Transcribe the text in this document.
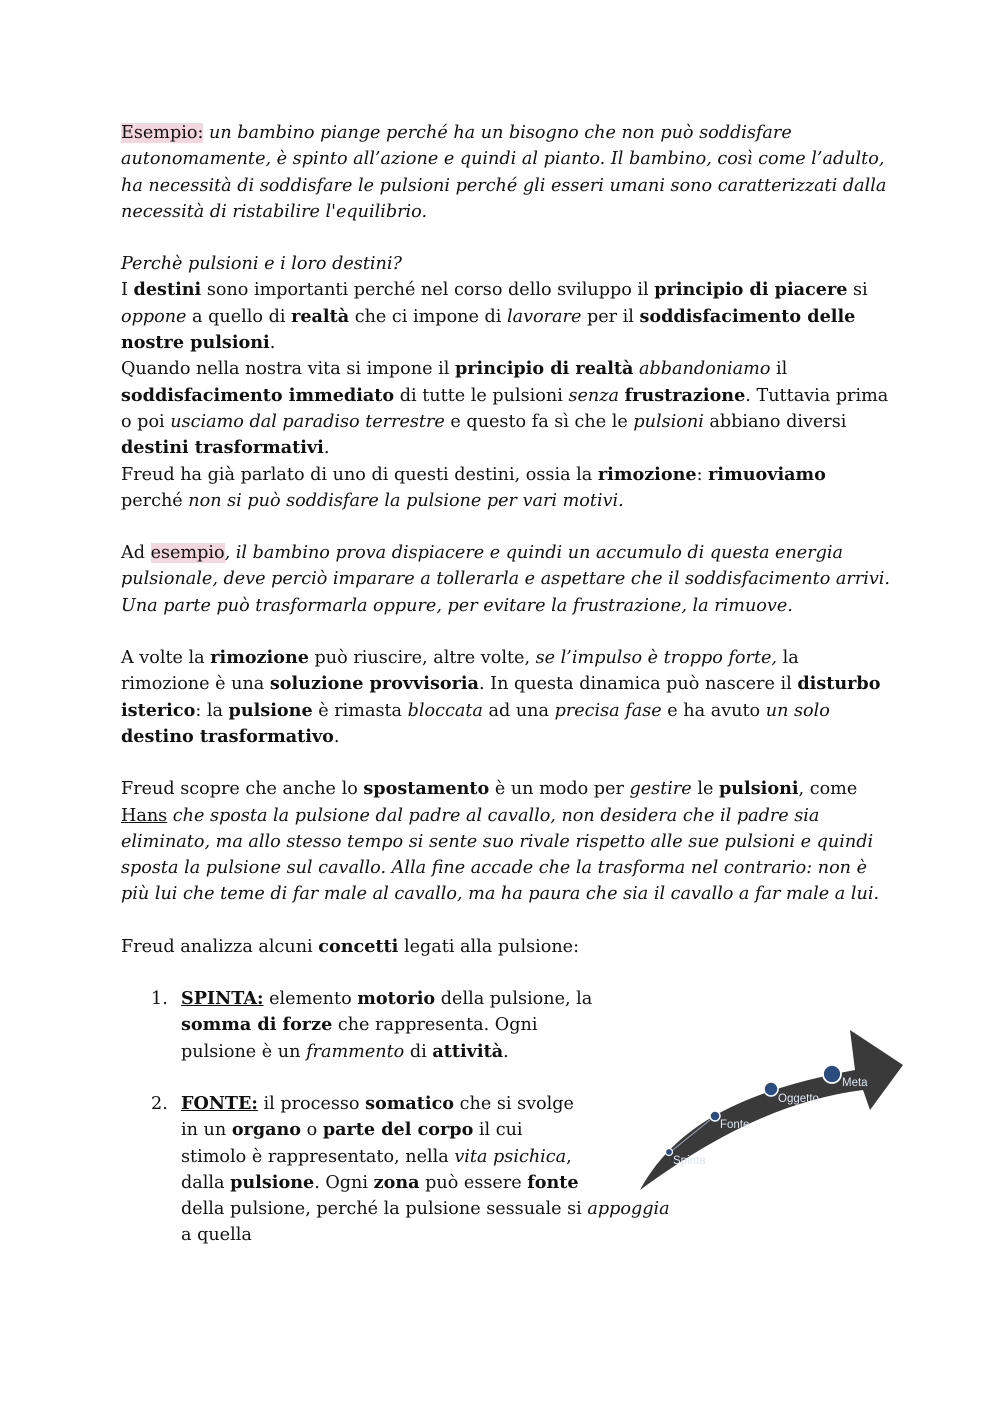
Esempio: un bambino piange perché ha un bisogno che non può soddisfare autonomamente, è spinto all’azione e quindi al pianto. Il bambino, così come l’adulto, ha necessità di soddisfare le pulsioni perché gli esseri umani sono caratterizzati dalla necessità di ristabilire l'equilibrio.

Perchè pulsioni e i loro destini?

I destini sono importanti perché nel corso dello sviluppo il principio di piacere si oppone a quello di realtà che ci impone di lavorare per il soddisfacimento delle nostre pulsioni.

Quando nella nostra vita si impone il principio di realtà abbandoniamo il soddisfacimento immediato di tutte le pulsioni senza frustrazione. Tuttavia prima o poi usciamo dal paradiso terrestre e questo fa sì che le pulsioni abbiano diversi destini trasformativi.

Freud ha già parlato di uno di questi destini, ossia la rimozione: rimuoviamo perché non si può soddisfare la pulsione per vari motivi.

Ad esempio, il bambino prova dispiacere e quindi un accumulo di questa energia pulsionale, deve perciò imparare a tollerarla e aspettare che il soddisfacimento arrivi. Una parte può trasformarla oppure, per evitare la frustrazione, la rimuove.

A volte la rimozione può riuscire, altre volte, se l’impulso è troppo forte, la rimozione è una soluzione provvisoria. In questa dinamica può nascere il disturbo isterico: la pulsione è rimasta bloccata ad una precisa fase e ha avuto un solo destino trasformativo.

Freud scopre che anche lo spostamento è un modo per gestire le pulsioni, come Hans che sposta la pulsione dal padre al cavallo, non desidera che il padre sia eliminato, ma allo stesso tempo si sente suo rivale rispetto alle sue pulsioni e quindi sposta la pulsione sul cavallo. Alla fine accade che la trasforma nel contrario: non è più lui che teme di far male al cavallo, ma ha paura che sia il cavallo a far male a lui.

Freud analizza alcuni concetti legati alla pulsione:

1. SPINTA: elemento motorio della pulsione, la somma di forze che rappresenta. Ogni pulsione è un frammento di attività.
2. FONTE: il processo somatico che si svolge in un organo o parte del corpo il cui stimolo è rappresentato, nella vita psichica, dalla pulsione. Ogni zona può essere fonte della pulsione, perché la pulsione sessuale si appoggia a quella
Spinta
Fonte
Oggetto
Meta
